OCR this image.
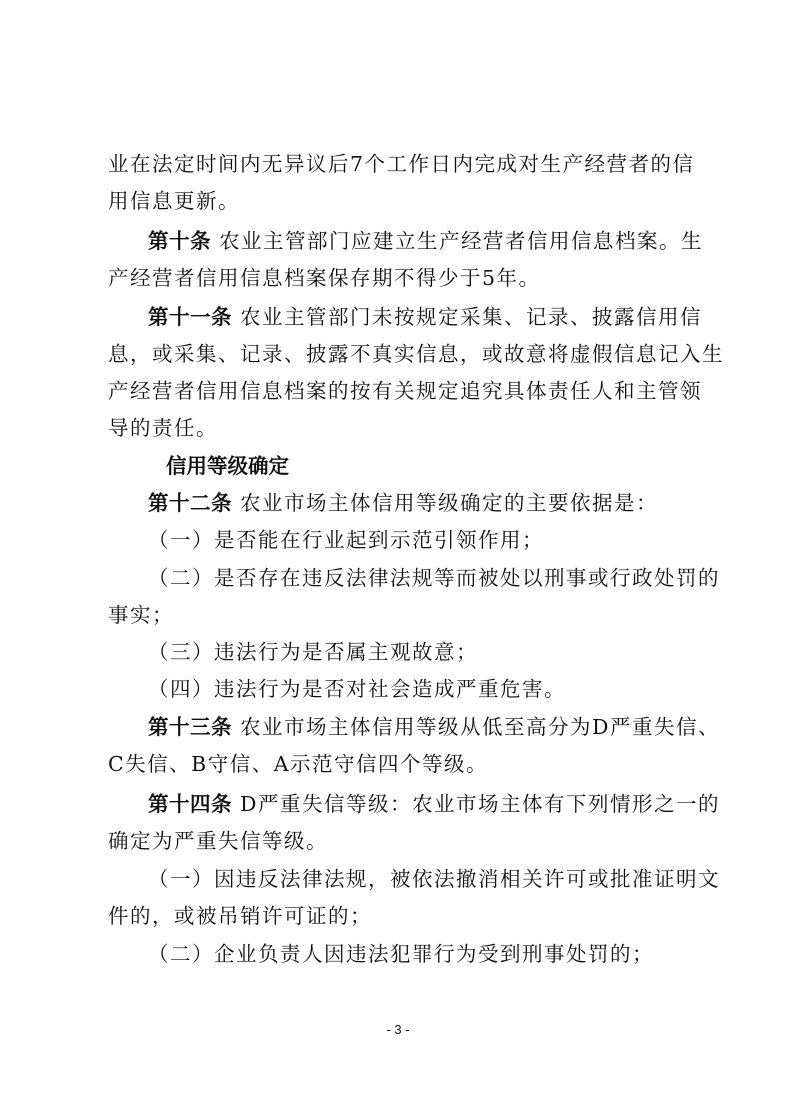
业在法定时间内无异议后7个工作日内完成对生产经营者的信
用信息更新。
第十条 农业主管部门应建立生产经营者信用信息档案。生
产经营者信用信息档案保存期不得少于5年。
第十一条 农业主管部门未按规定采集、记录、披露信用信
息，或采集、记录、披露不真实信息，或故意将虚假信息记入生
产经营者信用信息档案的按有关规定追究具体责任人和主管领
导的责任。
信用等级确定
第十二条 农业市场主体信用等级确定的主要依据是：
（一）是否能在行业起到示范引领作用；
（二）是否存在违反法律法规等而被处以刑事或行政处罚的
事实；
（三）违法行为是否属主观故意；
（四）违法行为是否对社会造成严重危害。
第十三条 农业市场主体信用等级从低至高分为D严重失信、
C失信、B守信、A示范守信四个等级。
第十四条 D严重失信等级：农业市场主体有下列情形之一的
确定为严重失信等级。
（一）因违反法律法规，被依法撤消相关许可或批准证明文
件的，或被吊销许可证的；
（二）企业负责人因违法犯罪行为受到刑事处罚的；
- 3 -
